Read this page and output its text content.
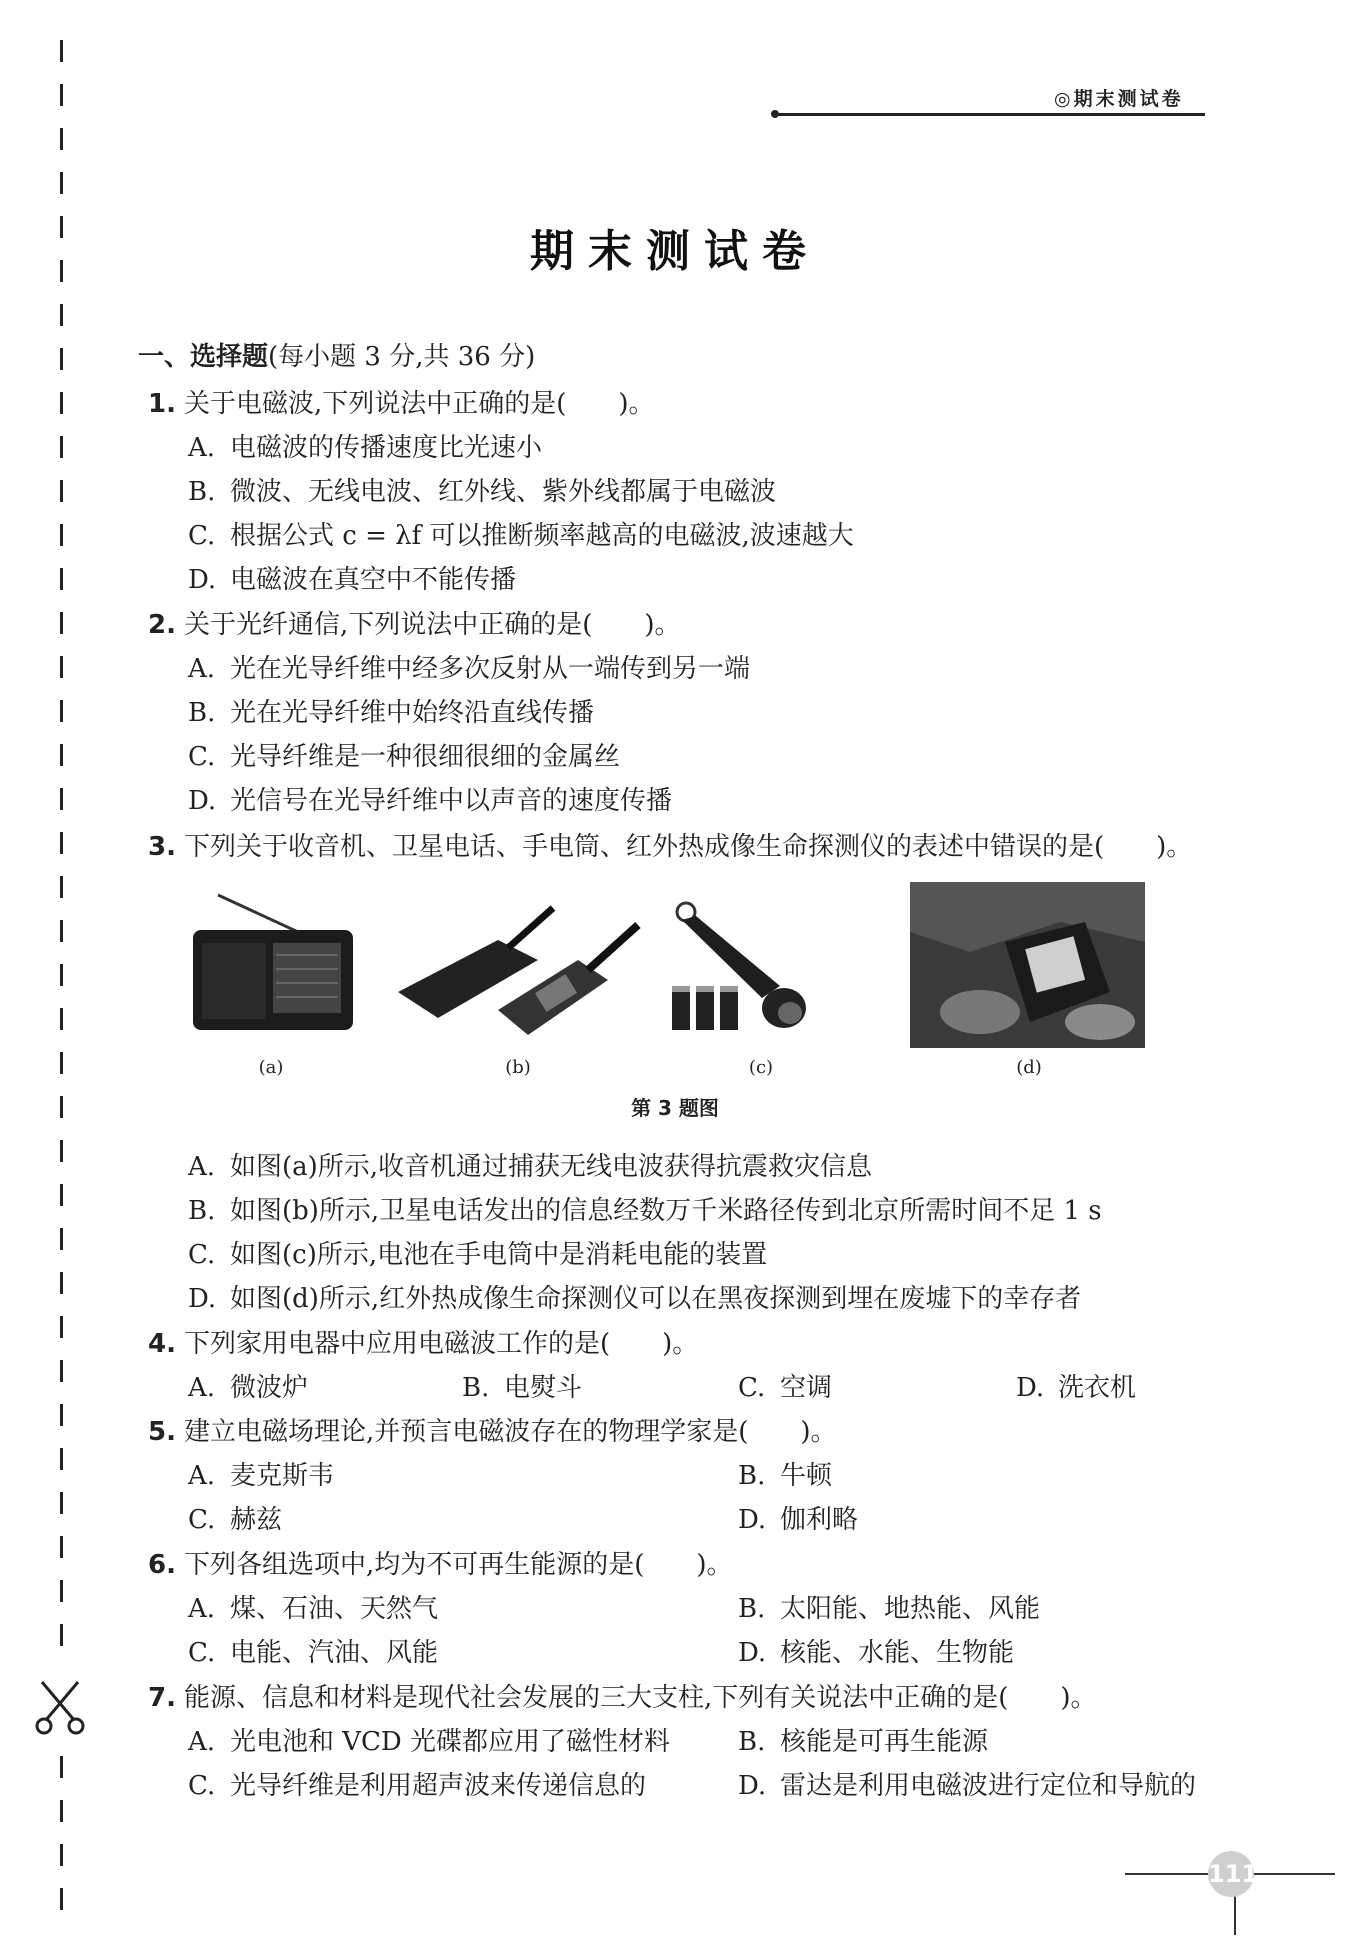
◎期末测试卷
期末测试卷
一、选择题(每小题 3 分,共 36 分)
1. 关于电磁波,下列说法中正确的是(　　)。
A. 电磁波的传播速度比光速小
B. 微波、无线电波、红外线、紫外线都属于电磁波
C. 根据公式 c = λf 可以推断频率越高的电磁波,波速越大
D. 电磁波在真空中不能传播
2. 关于光纤通信,下列说法中正确的是(　　)。
A. 光在光导纤维中经多次反射从一端传到另一端
B. 光在光导纤维中始终沿直线传播
C. 光导纤维是一种很细很细的金属丝
D. 光信号在光导纤维中以声音的速度传播
3. 下列关于收音机、卫星电话、手电筒、红外热成像生命探测仪的表述中错误的是(　　)。
(a)	(b)	(c)	(d)
第 3 题图
A. 如图(a)所示,收音机通过捕获无线电波获得抗震救灾信息
B. 如图(b)所示,卫星电话发出的信息经数万千米路径传到北京所需时间不足 1 s
C. 如图(c)所示,电池在手电筒中是消耗电能的装置
D. 如图(d)所示,红外热成像生命探测仪可以在黑夜探测到埋在废墟下的幸存者
4. 下列家用电器中应用电磁波工作的是(　　)。
A. 微波炉	B. 电熨斗	C. 空调	D. 洗衣机
5. 建立电磁场理论,并预言电磁波存在的物理学家是(　　)。
A. 麦克斯韦	B. 牛顿
C. 赫兹	D. 伽利略
6. 下列各组选项中,均为不可再生能源的是(　　)。
A. 煤、石油、天然气	B. 太阳能、地热能、风能
C. 电能、汽油、风能	D. 核能、水能、生物能
7. 能源、信息和材料是现代社会发展的三大支柱,下列有关说法中正确的是(　　)。
A. 光电池和 VCD 光碟都应用了磁性材料	B. 核能是可再生能源
C. 光导纤维是利用超声波来传递信息的	D. 雷达是利用电磁波进行定位和导航的
111
